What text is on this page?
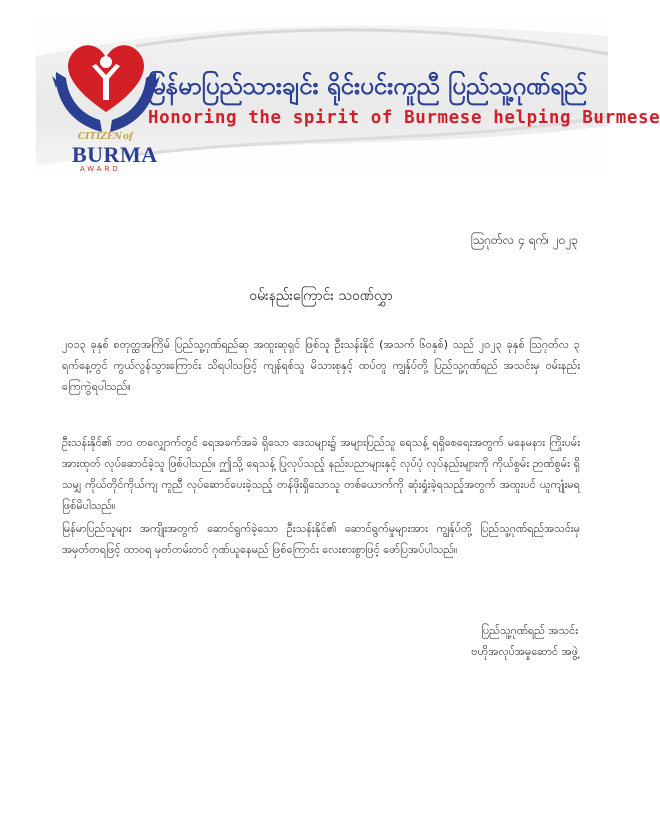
CITIZENof
BURMA
AWARD
မြန်မာပြည်သားချင်း ရိုင်းပင်းကူညီ ပြည်သူ့ဂုဏ်ရည်
Honoring the spirit of Burmese helping Burmese
ဩဂုတ်လ ၄ ရက်၊ ၂၀၂၃
ဝမ်းနည်းကြောင်း သဝဏ်လွှာ
၂၀၁၃ ခုနှစ် စတုတ္ထအကြိမ် ပြည်သူ့ဂုဏ်ရည်ဆု အထူးဆုရှင် ဖြစ်သူ ဦးသန်းနိုင် (အသက် ၆၀နှစ်) သည် ၂၀၂၃ ခုနှစ် ဩဂုတ်လ ၃ ရက်နေ့တွင် ကွယ်လွန်သွားကြောင်း သိရပါသဖြင့် ကျန်ရစ်သူ မိသားစုနှင့် ထပ်တူ ကျွန်ုပ်တို့ ပြည်သူ့ဂုဏ်ရည် အသင်းမှ ဝမ်းနည်းကြေကွဲရပါသည်။
ဦးသန်းနိုင်၏ ဘဝ တလျှောက်တွင် ရေအခက်အခဲ ရှိသော ဒေသများ၌ အများပြည်သူ ရေသန့် ရရှိစေရေးအတွက် မနေမနား ကြိုးပမ်းအားထုတ် လုပ်ဆောင်ခဲ့သူ ဖြစ်ပါသည်။ ဤသို့ ရေသန့် ပြုလုပ်သည့် နည်းပညာများနှင့် လုပ်ပုံ လုပ်နည်းများကို ကိုယ်စွမ်း ဉာဏ်စွမ်း ရှိသမျှ ကိုယ်တိုင်ကိုယ်ကျ ကူညီ လုပ်ဆောင်ပေးခဲ့သည့် တန်ဖိုးရှိသောသူ တစ်ယောက်ကို ဆုံးရှုံးခဲ့ရသည့်အတွက် အထူးပင် ယူကျုံးမရ ဖြစ်မိပါသည်။
မြန်မာပြည်သူများ အကျိုးအတွက် ဆောင်ရွက်ခဲ့သော ဦးသန်းနိုင်၏ ဆောင်ရွက်မှုများအား ကျွန်ုပ်တို့ ပြည်သူ့ဂုဏ်ရည်အသင်းမှ အမှတ်တရဖြင့် ထာဝရ မှတ်တမ်းတင် ဂုဏ်ယူနေမည် ဖြစ်ကြောင်း လေးစားစွာဖြင့် ဖော်ပြအပ်ပါသည်။
ပြည်သူ့ဂုဏ်ရည် အသင်း
ဗဟိုအလုပ်အမှုဆောင် အဖွဲ့
